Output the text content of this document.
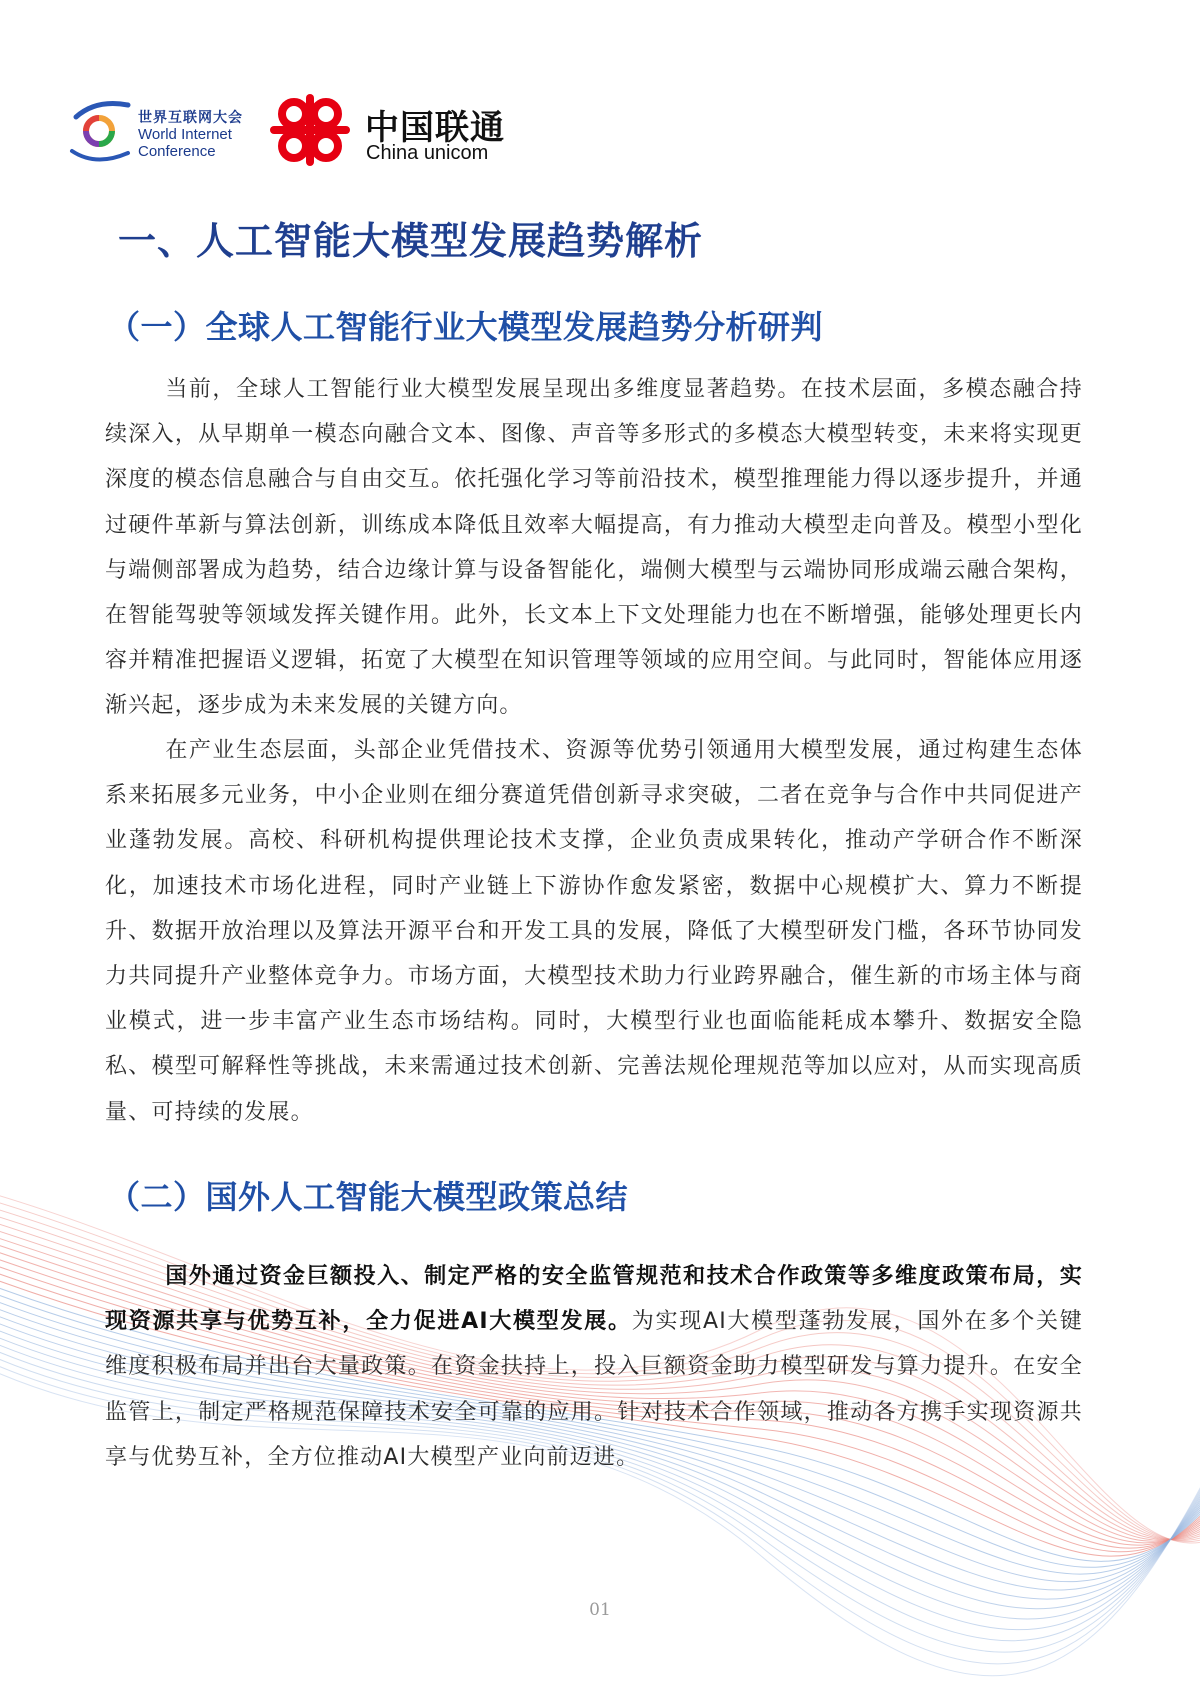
世界互联网大会
World Internet
Conference
中国联通
China unicom
一、人工智能大模型发展趋势解析
（一）全球人工智能行业大模型发展趋势分析研判
当前，全球人工智能行业大模型发展呈现出多维度显著趋势。在技术层面，多模态融合持续深入，从早期单一模态向融合文本、图像、声音等多形式的多模态大模型转变，未来将实现更深度的模态信息融合与自由交互。依托强化学习等前沿技术，模型推理能力得以逐步提升，并通过硬件革新与算法创新，训练成本降低且效率大幅提高，有力推动大模型走向普及。模型小型化与端侧部署成为趋势，结合边缘计算与设备智能化，端侧大模型与云端协同形成端云融合架构，在智能驾驶等领域发挥关键作用。此外，长文本上下文处理能力也在不断增强，能够处理更长内容并精准把握语义逻辑，拓宽了大模型在知识管理等领域的应用空间。与此同时，智能体应用逐渐兴起，逐步成为未来发展的关键方向。
在产业生态层面，头部企业凭借技术、资源等优势引领通用大模型发展，通过构建生态体系来拓展多元业务，中小企业则在细分赛道凭借创新寻求突破，二者在竞争与合作中共同促进产业蓬勃发展。高校、科研机构提供理论技术支撑，企业负责成果转化，推动产学研合作不断深化，加速技术市场化进程，同时产业链上下游协作愈发紧密，数据中心规模扩大、算力不断提升、数据开放治理以及算法开源平台和开发工具的发展，降低了大模型研发门槛，各环节协同发力共同提升产业整体竞争力。市场方面，大模型技术助力行业跨界融合，催生新的市场主体与商业模式，进一步丰富产业生态市场结构。同时，大模型行业也面临能耗成本攀升、数据安全隐私、模型可解释性等挑战，未来需通过技术创新、完善法规伦理规范等加以应对，从而实现高质量、可持续的发展。
（二）国外人工智能大模型政策总结
国外通过资金巨额投入、制定严格的安全监管规范和技术合作政策等多维度政策布局，实现资源共享与优势互补，全力促进AI大模型发展。为实现AI大模型蓬勃发展，国外在多个关键维度积极布局并出台大量政策。在资金扶持上，投入巨额资金助力模型研发与算力提升。在安全监管上，制定严格规范保障技术安全可靠的应用。针对技术合作领域，推动各方携手实现资源共享与优势互补，全方位推动AI大模型产业向前迈进。
01
